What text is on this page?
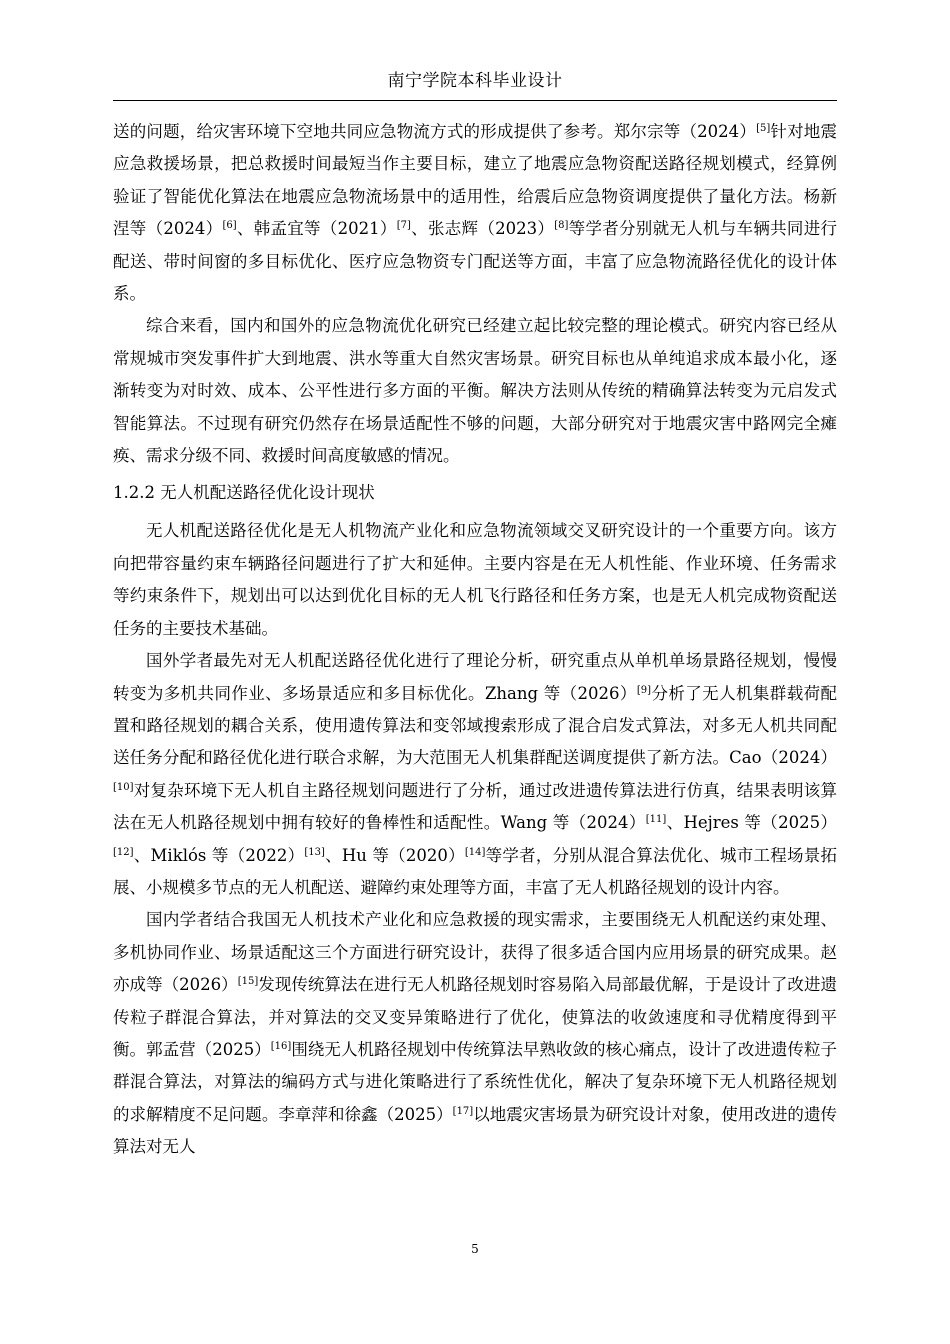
南宁学院本科毕业设计

送的问题，给灾害环境下空地共同应急物流方式的形成提供了参考。郑尔宗等（2024）[5]针对地震应急救援场景，把总救援时间最短当作主要目标，建立了地震应急物资配送路径规划模式，经算例验证了智能优化算法在地震应急物流场景中的适用性，给震后应急物资调度提供了量化方法。杨新涅等（2024）[6]、韩孟宜等（2021）[7]、张志辉（2023）[8]等学者分别就无人机与车辆共同进行配送、带时间窗的多目标优化、医疗应急物资专门配送等方面，丰富了应急物流路径优化的设计体系。

综合来看，国内和国外的应急物流优化研究已经建立起比较完整的理论模式。研究内容已经从常规城市突发事件扩大到地震、洪水等重大自然灾害场景。研究目标也从单纯追求成本最小化，逐渐转变为对时效、成本、公平性进行多方面的平衡。解决方法则从传统的精确算法转变为元启发式智能算法。不过现有研究仍然存在场景适配性不够的问题，大部分研究对于地震灾害中路网完全瘫痪、需求分级不同、救援时间高度敏感的情况。

1.2.2 无人机配送路径优化设计现状

无人机配送路径优化是无人机物流产业化和应急物流领域交叉研究设计的一个重要方向。该方向把带容量约束车辆路径问题进行了扩大和延伸。主要内容是在无人机性能、作业环境、任务需求等约束条件下，规划出可以达到优化目标的无人机飞行路径和任务方案，也是无人机完成物资配送任务的主要技术基础。

国外学者最先对无人机配送路径优化进行了理论分析，研究重点从单机单场景路径规划，慢慢转变为多机共同作业、多场景适应和多目标优化。Zhang 等（2026）[9]分析了无人机集群载荷配置和路径规划的耦合关系，使用遗传算法和变邻域搜索形成了混合启发式算法，对多无人机共同配送任务分配和路径优化进行联合求解，为大范围无人机集群配送调度提供了新方法。Cao（2024）[10]对复杂环境下无人机自主路径规划问题进行了分析，通过改进遗传算法进行仿真，结果表明该算法在无人机路径规划中拥有较好的鲁棒性和适配性。Wang 等（2024）[11]、Hejres 等（2025）[12]、Miklós 等（2022）[13]、Hu 等（2020）[14]等学者，分别从混合算法优化、城市工程场景拓展、小规模多节点的无人机配送、避障约束处理等方面，丰富了无人机路径规划的设计内容。

国内学者结合我国无人机技术产业化和应急救援的现实需求，主要围绕无人机配送约束处理、多机协同作业、场景适配这三个方面进行研究设计，获得了很多适合国内应用场景的研究成果。赵亦成等（2026）[15]发现传统算法在进行无人机路径规划时容易陷入局部最优解，于是设计了改进遗传粒子群混合算法，并对算法的交叉变异策略进行了优化，使算法的收敛速度和寻优精度得到平衡。郭孟营（2025）[16]围绕无人机路径规划中传统算法早熟收敛的核心痛点，设计了改进遗传粒子群混合算法，对算法的编码方式与进化策略进行了系统性优化，解决了复杂环境下无人机路径规划的求解精度不足问题。李章萍和徐鑫（2025）[17]以地震灾害场景为研究设计对象，使用改进的遗传算法对无人

5
